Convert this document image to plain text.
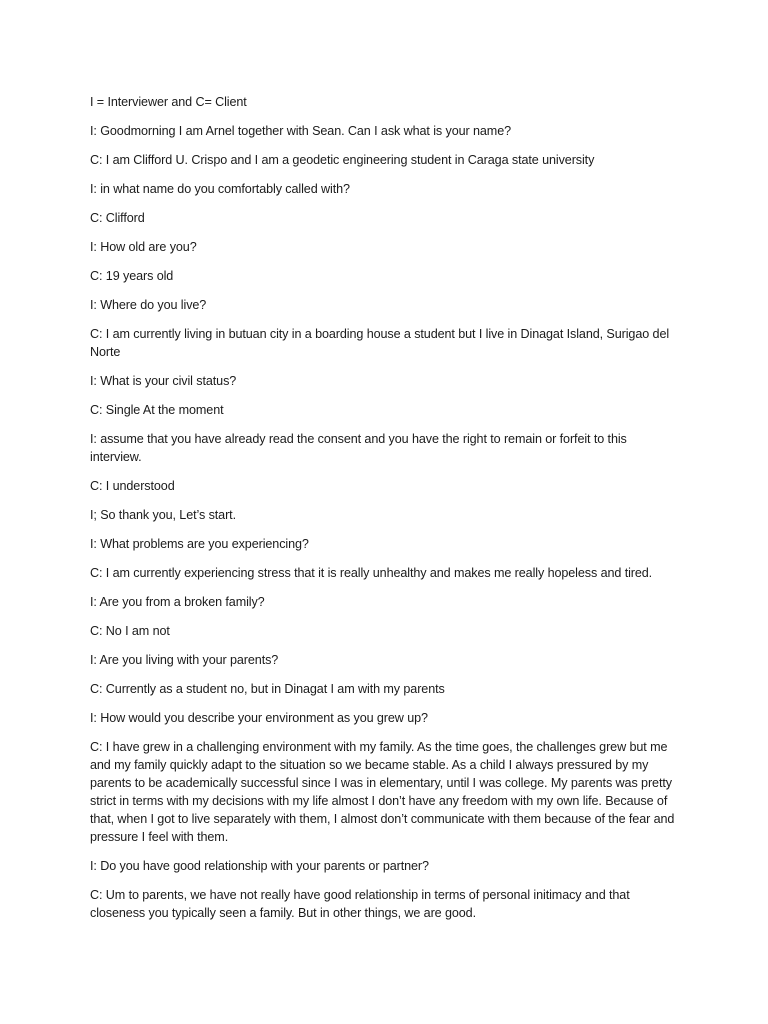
I = Interviewer and C= Client

I: Goodmorning I am Arnel together with Sean. Can I ask what is your name?

C: I am Clifford U. Crispo and I am a geodetic engineering student in Caraga state university

I: in what name do you comfortably called with?

C: Clifford

I: How old are you?

C: 19 years old

I: Where do you live?

C: I am currently living in butuan city in a boarding house a student but I live in Dinagat Island, Surigao del Norte

I: What is your civil status?

C: Single At the moment

I: assume that you have already read the consent and you have the right to remain or forfeit to this interview.

C: I understood

I; So thank you, Let’s start.

I: What problems are you experiencing?

C: I am currently experiencing stress that it is really unhealthy and makes me really hopeless and tired.

I: Are you from a broken family?

C: No I am not

I: Are you living with your parents?

C: Currently as a student no, but in Dinagat I am with my parents

I: How would you describe your environment as you grew up?

C: I have grew in a challenging environment with my family. As the time goes, the challenges grew but me and my family quickly adapt to the situation so we became stable. As a child I always pressured by my parents to be academically successful since I was in elementary, until I was college. My parents was pretty strict in terms with my decisions with my life almost I don’t have any freedom with my own life. Because of that, when I got to live separately with them, I almost don’t communicate with them because of the fear and pressure I feel with them.

I: Do you have good relationship with your parents or partner?

C: Um to parents, we have not really have good relationship in terms of personal initimacy and that closeness you typically seen a family. But in other things, we are good.
